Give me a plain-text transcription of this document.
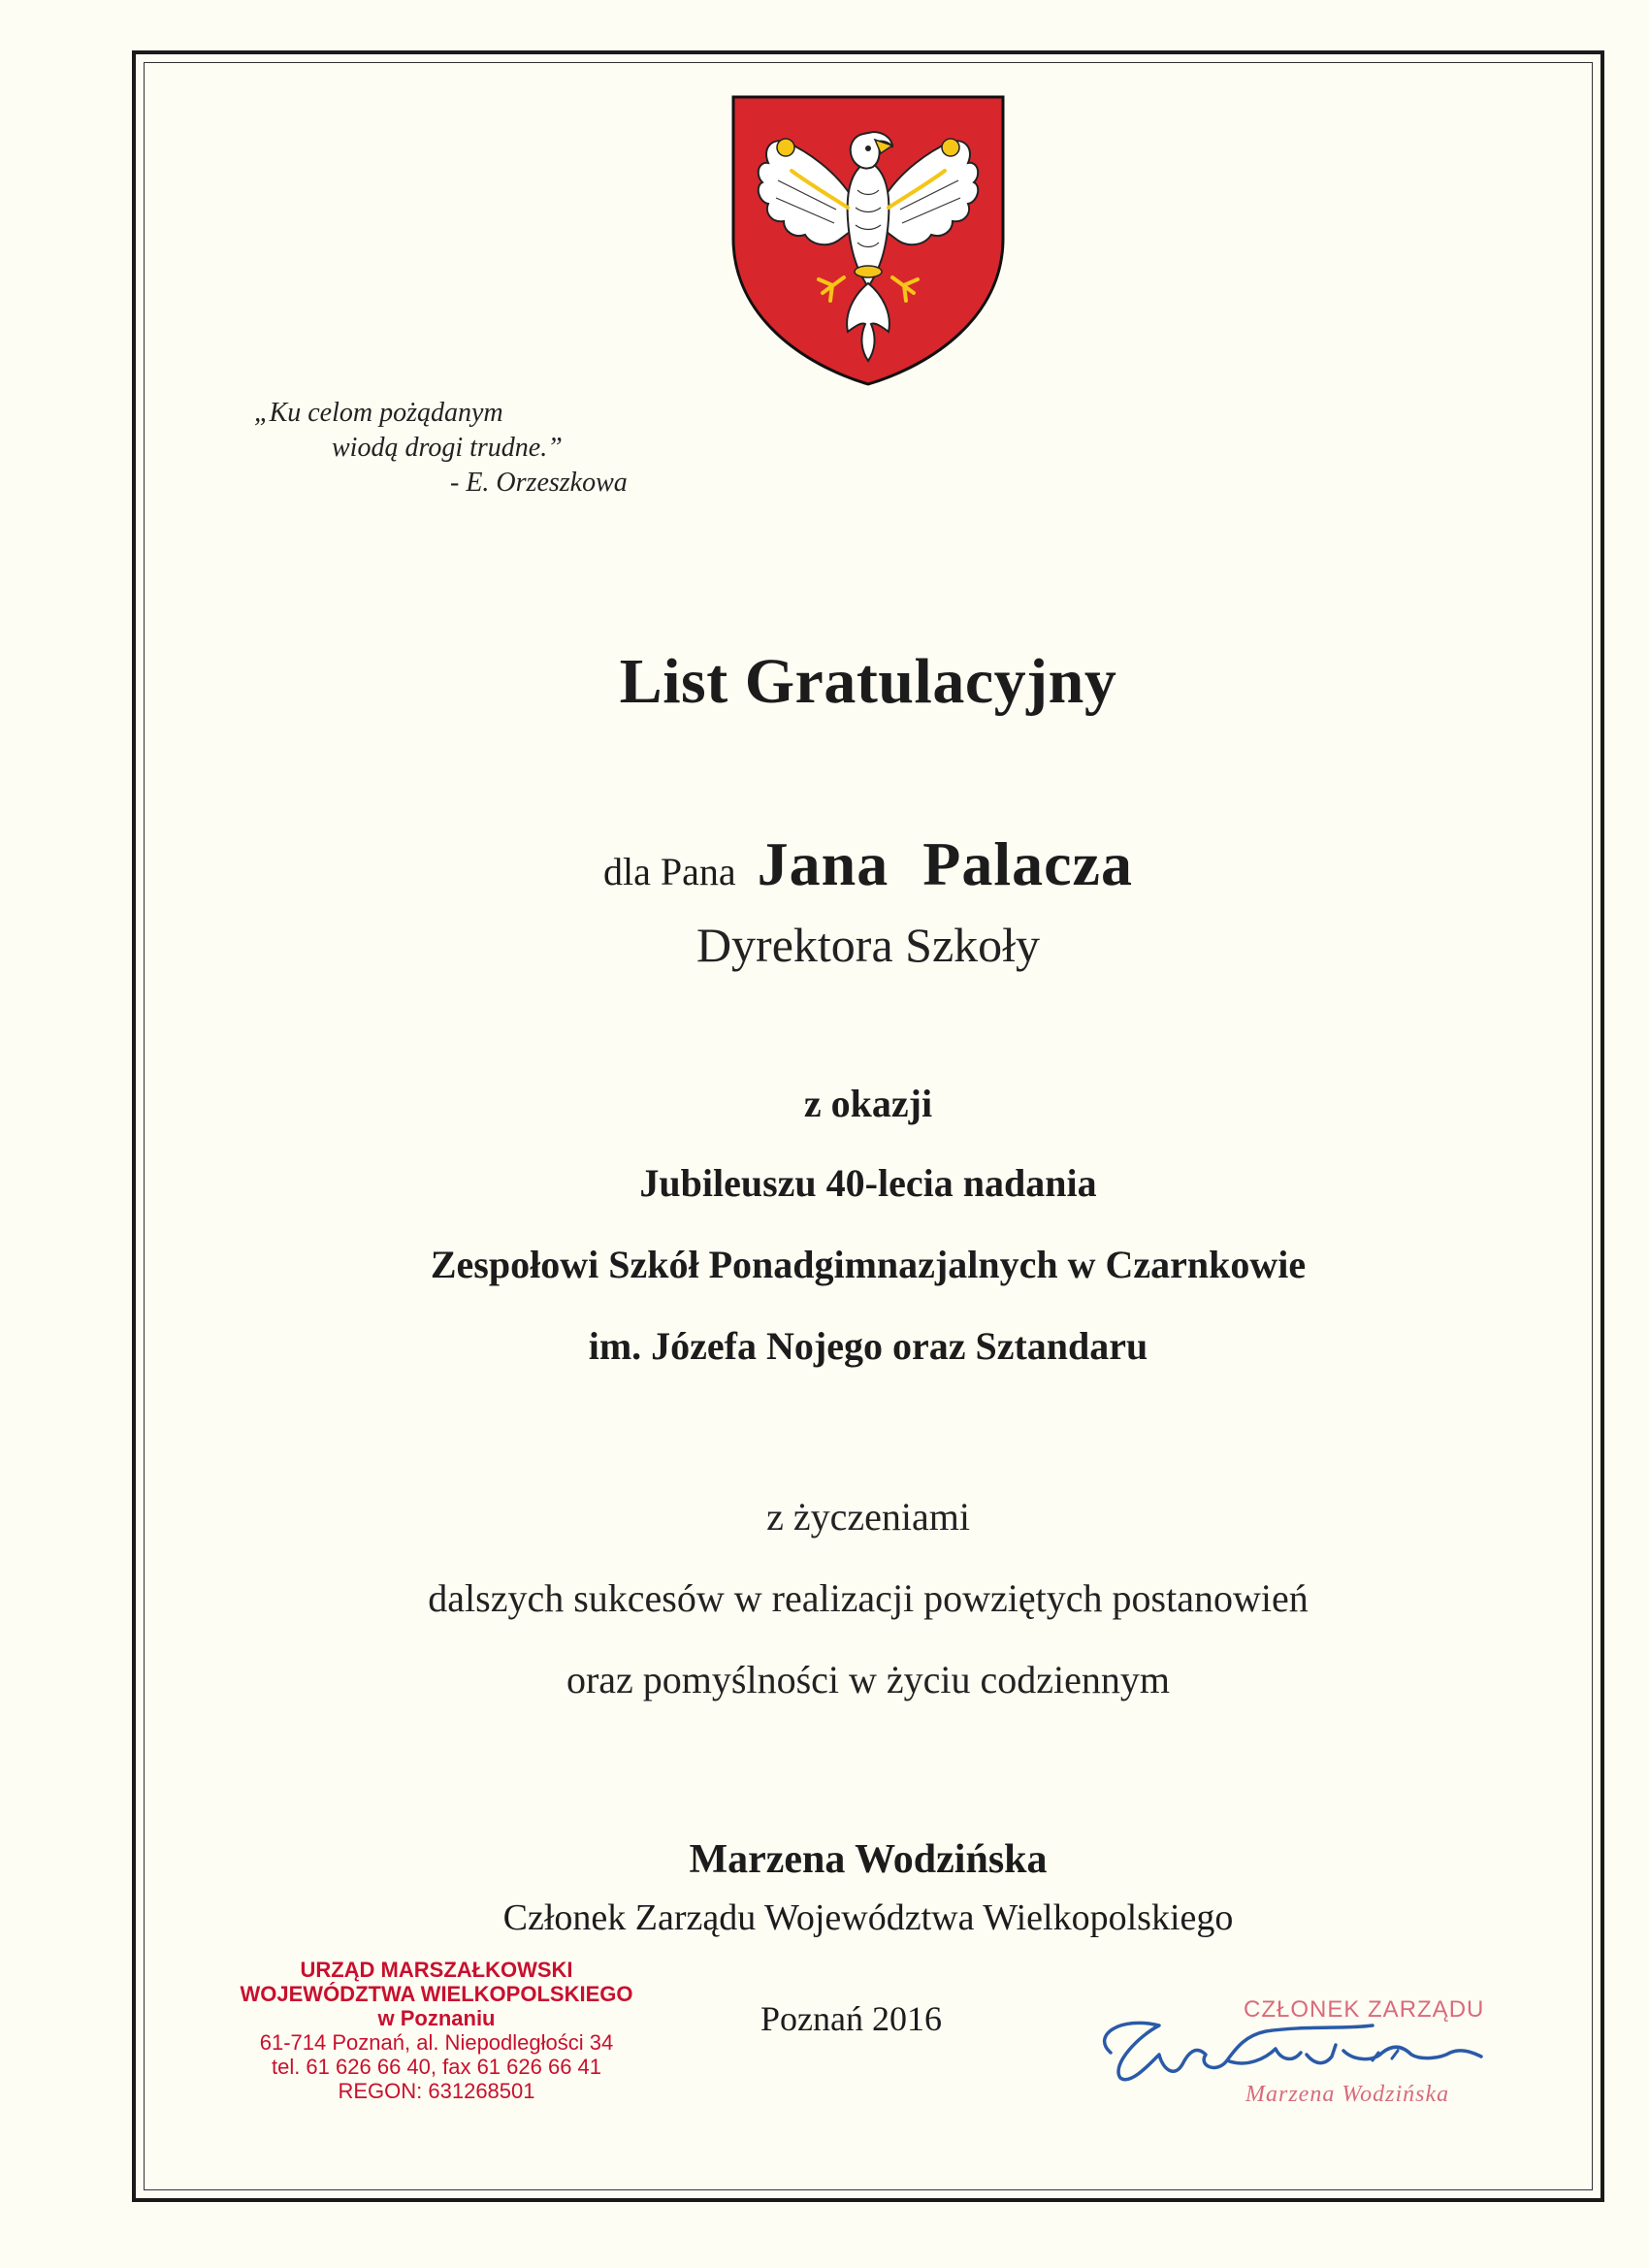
„Ku celom pożądanym
wiodą drogi trudne.”
- E. Orzeszkowa
List Gratulacyjny
dla Pana Jana Palacza
Dyrektora Szkoły
z okazji
Jubileuszu 40-lecia nadania
Zespołowi Szkół Ponadgimnazjalnych w Czarnkowie
im. Józefa Nojego oraz Sztandaru
z życzeniami
dalszych sukcesów w realizacji powziętych postanowień
oraz pomyślności w życiu codziennym
Marzena Wodzińska
Członek Zarządu Województwa Wielkopolskiego
Poznań 2016
URZĄD MARSZAŁKOWSKI
WOJEWÓDZTWA WIELKOPOLSKIEGO
w Poznaniu
61-714 Poznań, al. Niepodległości 34
tel. 61 626 66 40, fax 61 626 66 41
REGON: 631268501
CZŁONEK ZARZĄDU
Marzena Wodzińska
